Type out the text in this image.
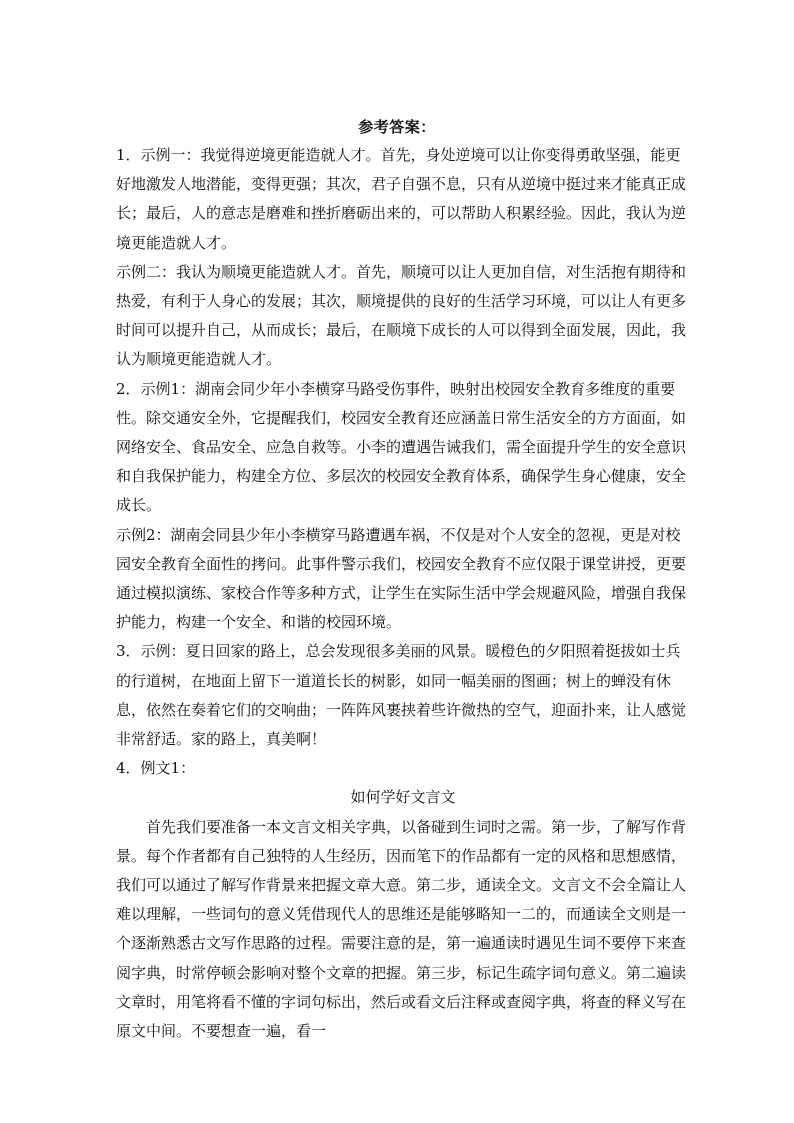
参考答案：

1．示例一：我觉得逆境更能造就人才。首先，身处逆境可以让你变得勇敢坚强，能更好地激发人地潜能，变得更强；其次，君子自强不息，只有从逆境中挺过来才能真正成长；最后，人的意志是磨难和挫折磨砺出来的，可以帮助人积累经验。因此，我认为逆境更能造就人才。

示例二：我认为顺境更能造就人才。首先，顺境可以让人更加自信，对生活抱有期待和热爱，有利于人身心的发展；其次，顺境提供的良好的生活学习环境，可以让人有更多时间可以提升自己，从而成长；最后，在顺境下成长的人可以得到全面发展，因此，我认为顺境更能造就人才。

2．示例1：湖南会同少年小李横穿马路受伤事件，映射出校园安全教育多维度的重要性。除交通安全外，它提醒我们，校园安全教育还应涵盖日常生活安全的方方面面，如网络安全、食品安全、应急自救等。小李的遭遇告诫我们，需全面提升学生的安全意识和自我保护能力，构建全方位、多层次的校园安全教育体系，确保学生身心健康，安全成长。

示例2：湖南会同县少年小李横穿马路遭遇车祸，不仅是对个人安全的忽视，更是对校园安全教育全面性的拷问。此事件警示我们，校园安全教育不应仅限于课堂讲授，更要通过模拟演练、家校合作等多种方式，让学生在实际生活中学会规避风险，增强自我保护能力，构建一个安全、和谐的校园环境。

3．示例：夏日回家的路上，总会发现很多美丽的风景。暖橙色的夕阳照着挺拔如士兵的行道树，在地面上留下一道道长长的树影，如同一幅美丽的图画；树上的蝉没有休息，依然在奏着它们的交响曲；一阵阵风裹挟着些许微热的空气，迎面扑来，让人感觉非常舒适。家的路上，真美啊！

4．例文1：

如何学好文言文

首先我们要准备一本文言文相关字典，以备碰到生词时之需。第一步，了解写作背景。每个作者都有自己独特的人生经历，因而笔下的作品都有一定的风格和思想感情，我们可以通过了解写作背景来把握文章大意。第二步，通读全文。文言文不会全篇让人难以理解，一些词句的意义凭借现代人的思维还是能够略知一二的，而通读全文则是一个逐渐熟悉古文写作思路的过程。需要注意的是，第一遍通读时遇见生词不要停下来查阅字典，时常停顿会影响对整个文章的把握。第三步，标记生疏字词句意义。第二遍读文章时，用笔将看不懂的字词句标出，然后或看文后注释或查阅字典，将查的释义写在原文中间。不要想查一遍，看一
